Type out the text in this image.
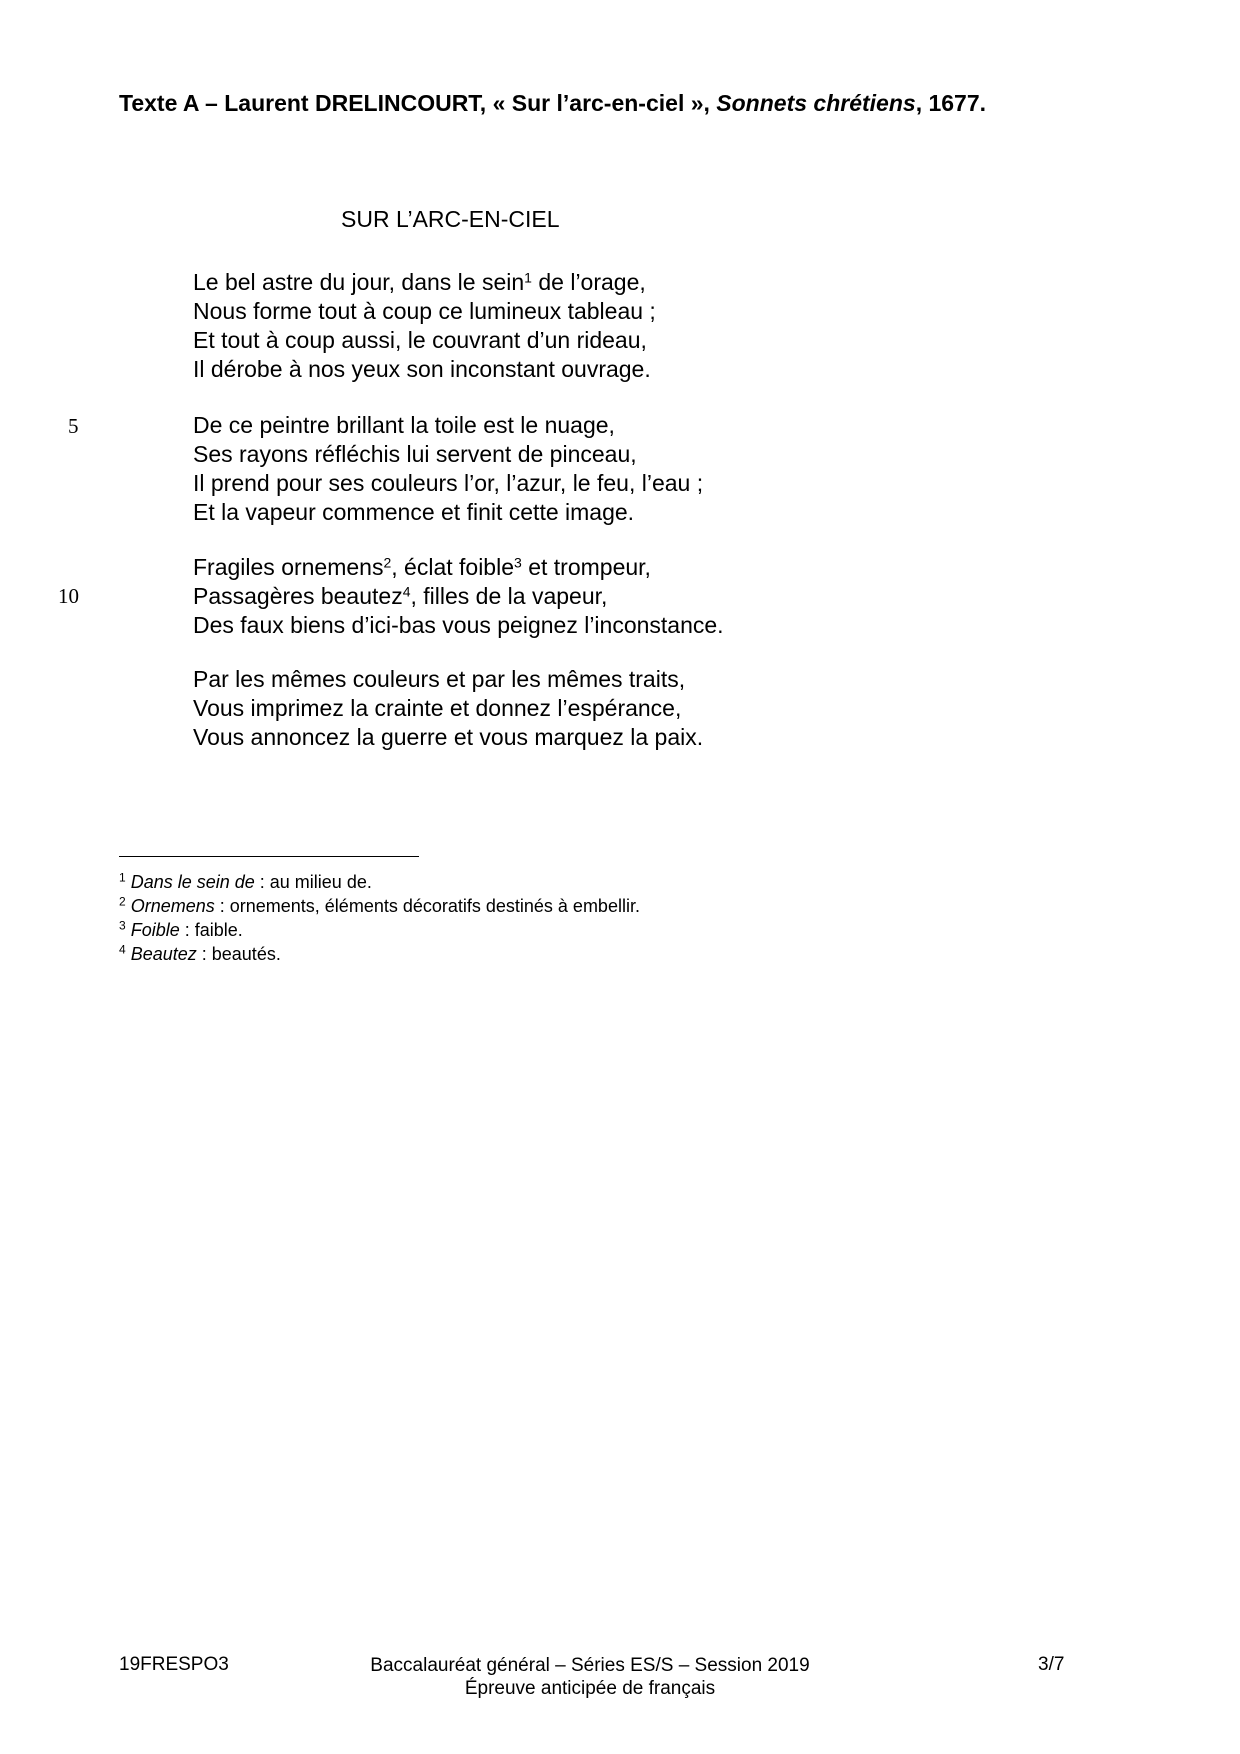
Texte A – Laurent DRELINCOURT, « Sur l’arc-en-ciel », Sonnets chrétiens, 1677.
SUR L’ARC-EN-CIEL
Le bel astre du jour, dans le sein$^1$ de l’orage,
Nous forme tout à coup ce lumineux tableau ;
Et tout à coup aussi, le couvrant d’un rideau,
Il dérobe à nos yeux son inconstant ouvrage.
5	De ce peintre brillant la toile est le nuage,
Ses rayons réfléchis lui servent de pinceau,
Il prend pour ses couleurs l’or, l’azur, le feu, l’eau ;
Et la vapeur commence et finit cette image.
10
Fragiles ornemens$^2$, éclat foible$^3$ et trompeur,
Passagères beautez$^4$, filles de la vapeur,
Des faux biens d’ici-bas vous peignez l’inconstance.
Par les mêmes couleurs et par les mêmes traits,
Vous imprimez la crainte et donnez l’espérance,
Vous annoncez la guerre et vous marquez la paix.
$^1$ Dans le sein de : au milieu de.
$^2$ Ornemens : ornements, éléments décoratifs destinés à embellir.
$^3$ Foible : faible.
$^4$ Beautez : beautés.
19FRESPO3	Baccalauréat général – Séries ES/S – Session 2019
Épreuve anticipée de français
3/7
